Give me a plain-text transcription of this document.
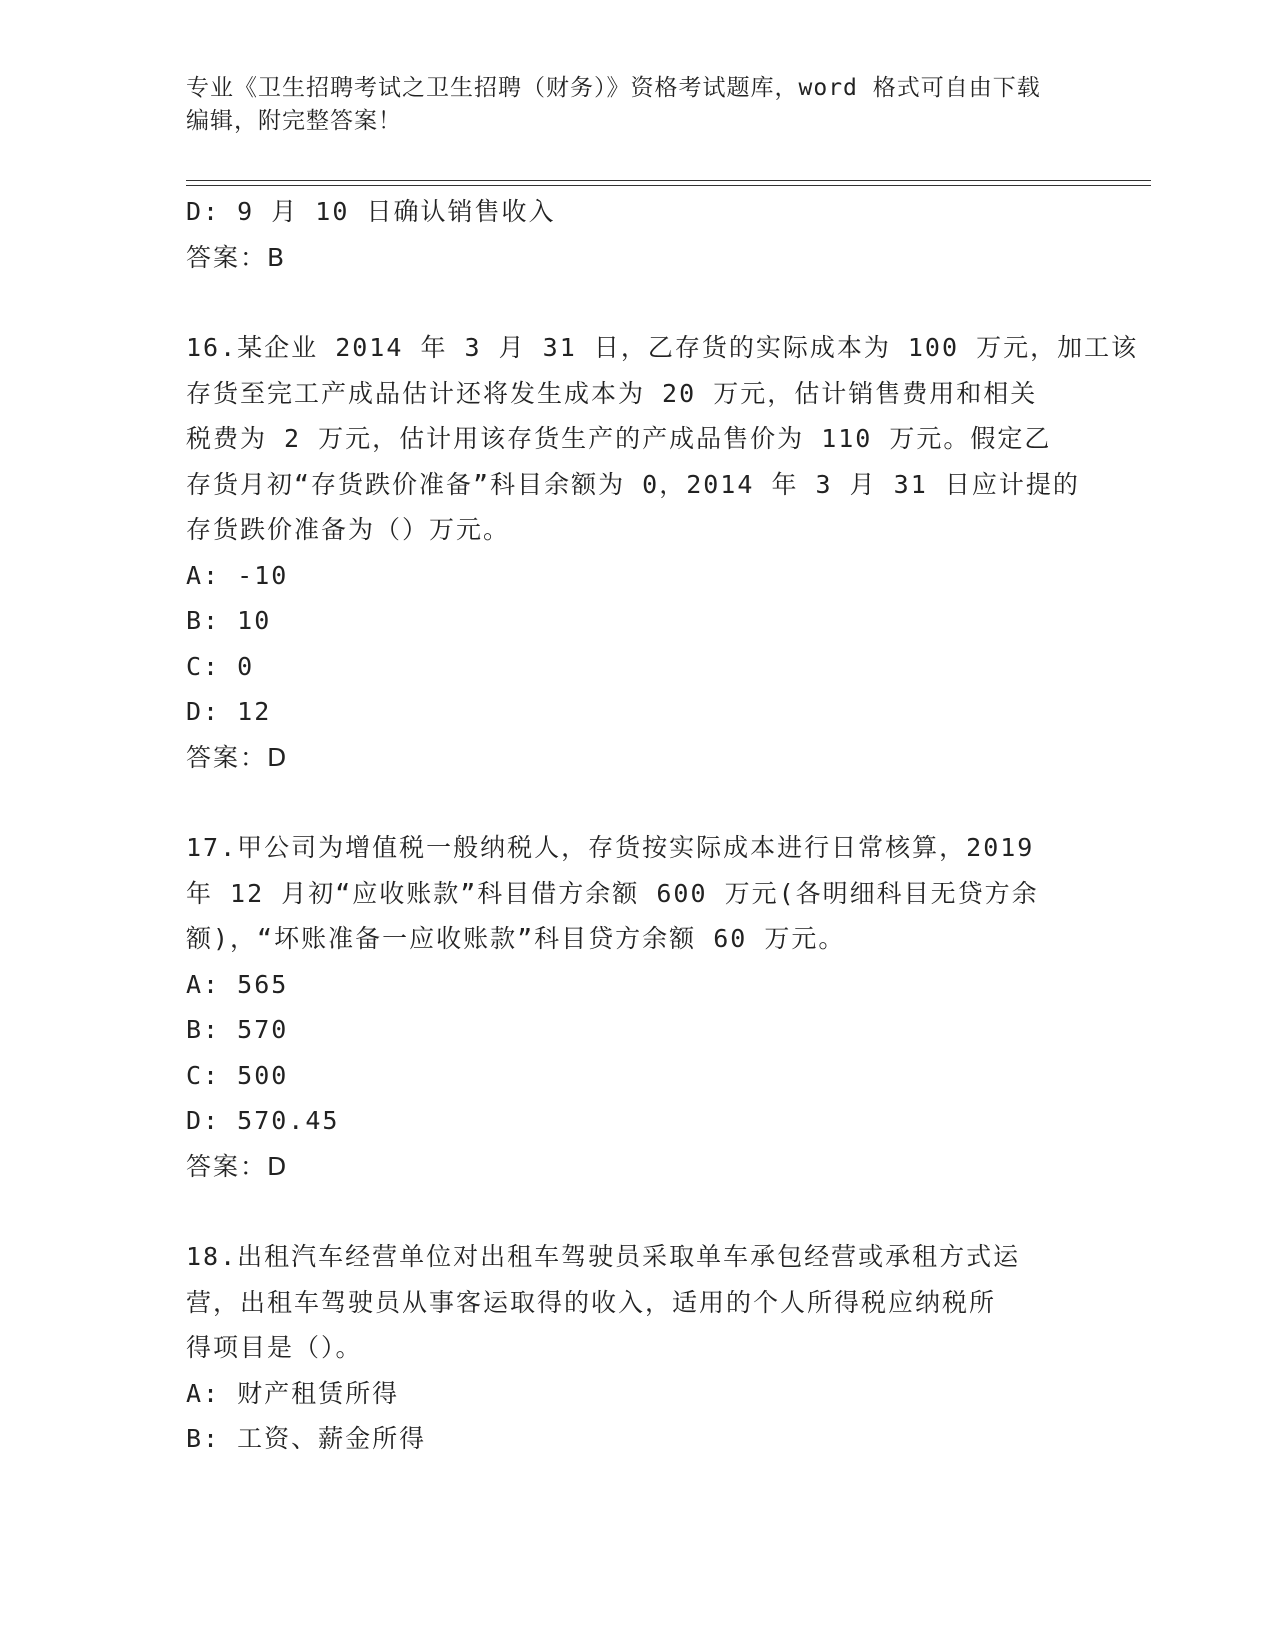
专业《卫生招聘考试之卫生招聘（财务）》资格考试题库，word 格式可自由下载
编辑，附完整答案！
D: 9 月 10 日确认销售收入
答案：B
16.某企业 2014 年 3 月 31 日，乙存货的实际成本为 100 万元，加工该
存货至完工产成品估计还将发生成本为 20 万元，估计销售费用和相关
税费为 2 万元，估计用该存货生产的产成品售价为 110 万元。假定乙
存货月初“存货跌价准备”科目余额为 0，2014 年 3 月 31 日应计提的
存货跌价准备为（）万元。
A: -10
B: 10
C: 0
D: 12
答案：D
17.甲公司为增值税一般纳税人，存货按实际成本进行日常核算，2019
年 12 月初“应收账款”科目借方余额 600 万元(各明细科目无贷方余
额)，“坏账准备一应收账款”科目贷方余额 60 万元。
A: 565
B: 570
C: 500
D: 570.45
答案：D
18.出租汽车经营单位对出租车驾驶员采取单车承包经营或承租方式运
营，出租车驾驶员从事客运取得的收入，适用的个人所得税应纳税所
得项目是（）。
A: 财产租赁所得
B: 工资、薪金所得
